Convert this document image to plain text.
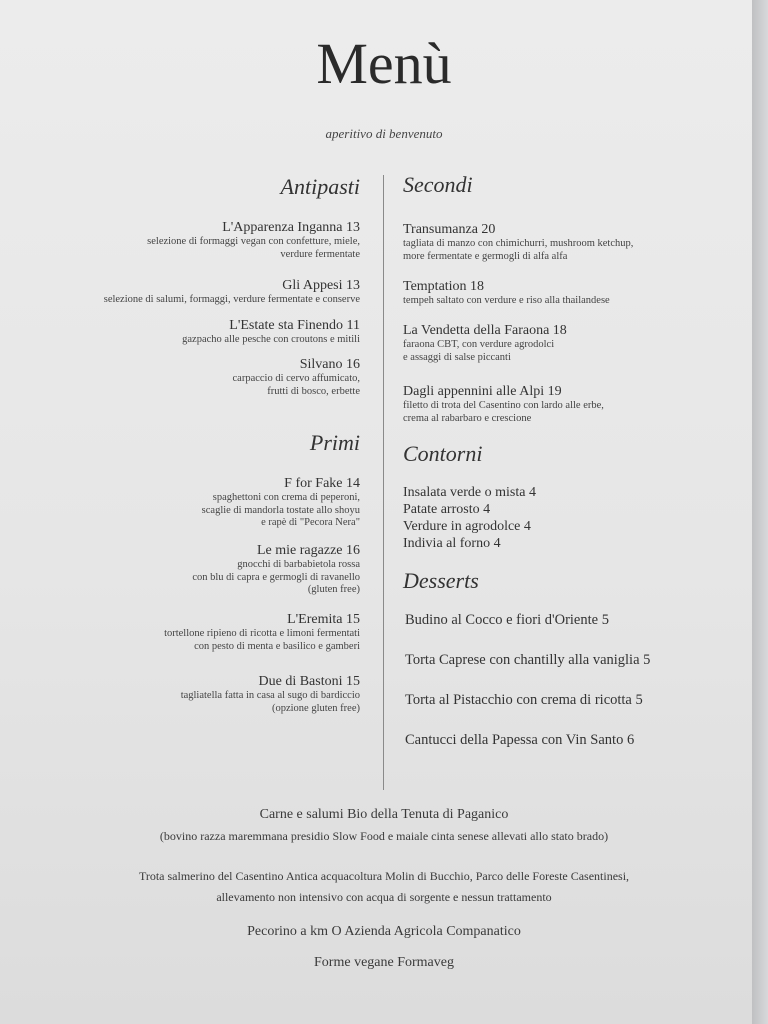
Menù
aperitivo di benvenuto
Antipasti
L'Apparenza Inganna 13
selezione di formaggi vegan con confetture, miele,
verdure fermentate
Gli Appesi 13
selezione di salumi, formaggi, verdure fermentate e conserve
L'Estate sta Finendo 11
gazpacho alle pesche con croutons e mitili
Silvano 16
carpaccio di cervo affumicato,
frutti di bosco, erbette
Primi
F for Fake 14
spaghettoni con crema di peperoni,
scaglie di mandorla tostate allo shoyu
e rapè di "Pecora Nera"
Le mie ragazze 16
gnocchi di barbabietola rossa
con blu di capra e germogli di ravanello
(gluten free)
L'Eremita 15
tortellone ripieno di ricotta e limoni fermentati
con pesto di menta e basilico e gamberi
Due di Bastoni 15
tagliatella fatta in casa al sugo di bardiccio
(opzione gluten free)
Secondi
Transumanza 20
tagliata di manzo con chimichurri, mushroom ketchup,
more fermentate e germogli di alfa alfa
Temptation 18
tempeh saltato con verdure e riso alla thailandese
La Vendetta della Faraona 18
faraona CBT, con verdure agrodolci
e assaggi di salse piccanti
Dagli appennini alle Alpi 19
filetto di trota del Casentino con lardo alle erbe,
crema al rabarbaro e crescione
Contorni
Insalata verde o mista 4
Patate arrosto 4
Verdure in agrodolce 4
Indivia al forno 4
Desserts
Budino al Cocco e fiori d'Oriente 5
Torta Caprese con chantilly alla vaniglia 5
Torta al Pistacchio con crema di ricotta 5
Cantucci della Papessa con Vin Santo 6
Carne e salumi Bio della Tenuta di Paganico
(bovino razza maremmana presidio Slow Food e maiale cinta senese allevati allo stato brado)
Trota salmerino del Casentino Antica acquacoltura Molin di Bucchio, Parco delle Foreste Casentinesi,
allevamento non intensivo con acqua di sorgente e nessun trattamento
Pecorino a km O Azienda Agricola Companatico
Forme vegane Formaveg
